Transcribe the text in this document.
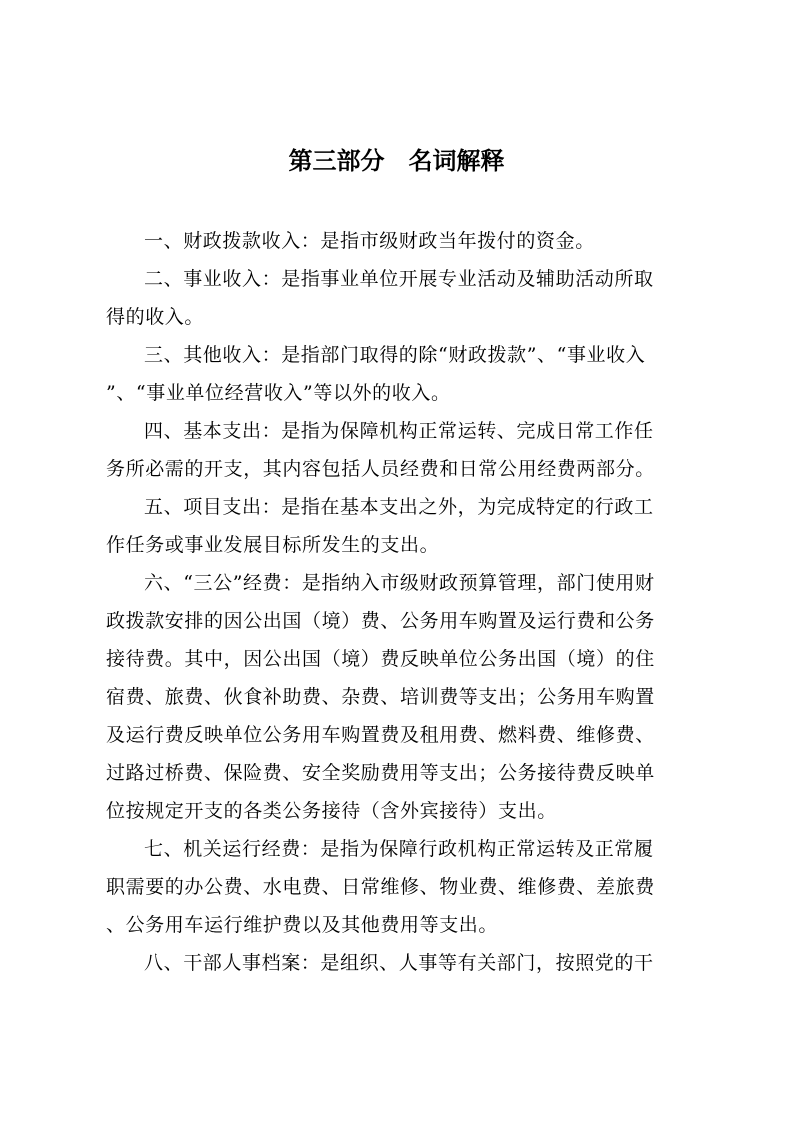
第三部分　名词解释

一、财政拨款收入：是指市级财政当年拨付的资金。

二、事业收入：是指事业单位开展专业活动及辅助活动所取
得的收入。

三、其他收入：是指部门取得的除“财政拨款”、“事业收入
”、“事业单位经营收入”等以外的收入。

四、基本支出：是指为保障机构正常运转、完成日常工作任
务所必需的开支，其内容包括人员经费和日常公用经费两部分。

五、项目支出：是指在基本支出之外，为完成特定的行政工
作任务或事业发展目标所发生的支出。

六、“三公”经费：是指纳入市级财政预算管理，部门使用财
政拨款安排的因公出国（境）费、公务用车购置及运行费和公务
接待费。其中，因公出国（境）费反映单位公务出国（境）的住
宿费、旅费、伙食补助费、杂费、培训费等支出；公务用车购置
及运行费反映单位公务用车购置费及租用费、燃料费、维修费、
过路过桥费、保险费、安全奖励费用等支出；公务接待费反映单
位按规定开支的各类公务接待（含外宾接待）支出。

七、机关运行经费：是指为保障行政机构正常运转及正常履
职需要的办公费、水电费、日常维修、物业费、维修费、差旅费
、公务用车运行维护费以及其他费用等支出。

八、干部人事档案：是组织、人事等有关部门，按照党的干
